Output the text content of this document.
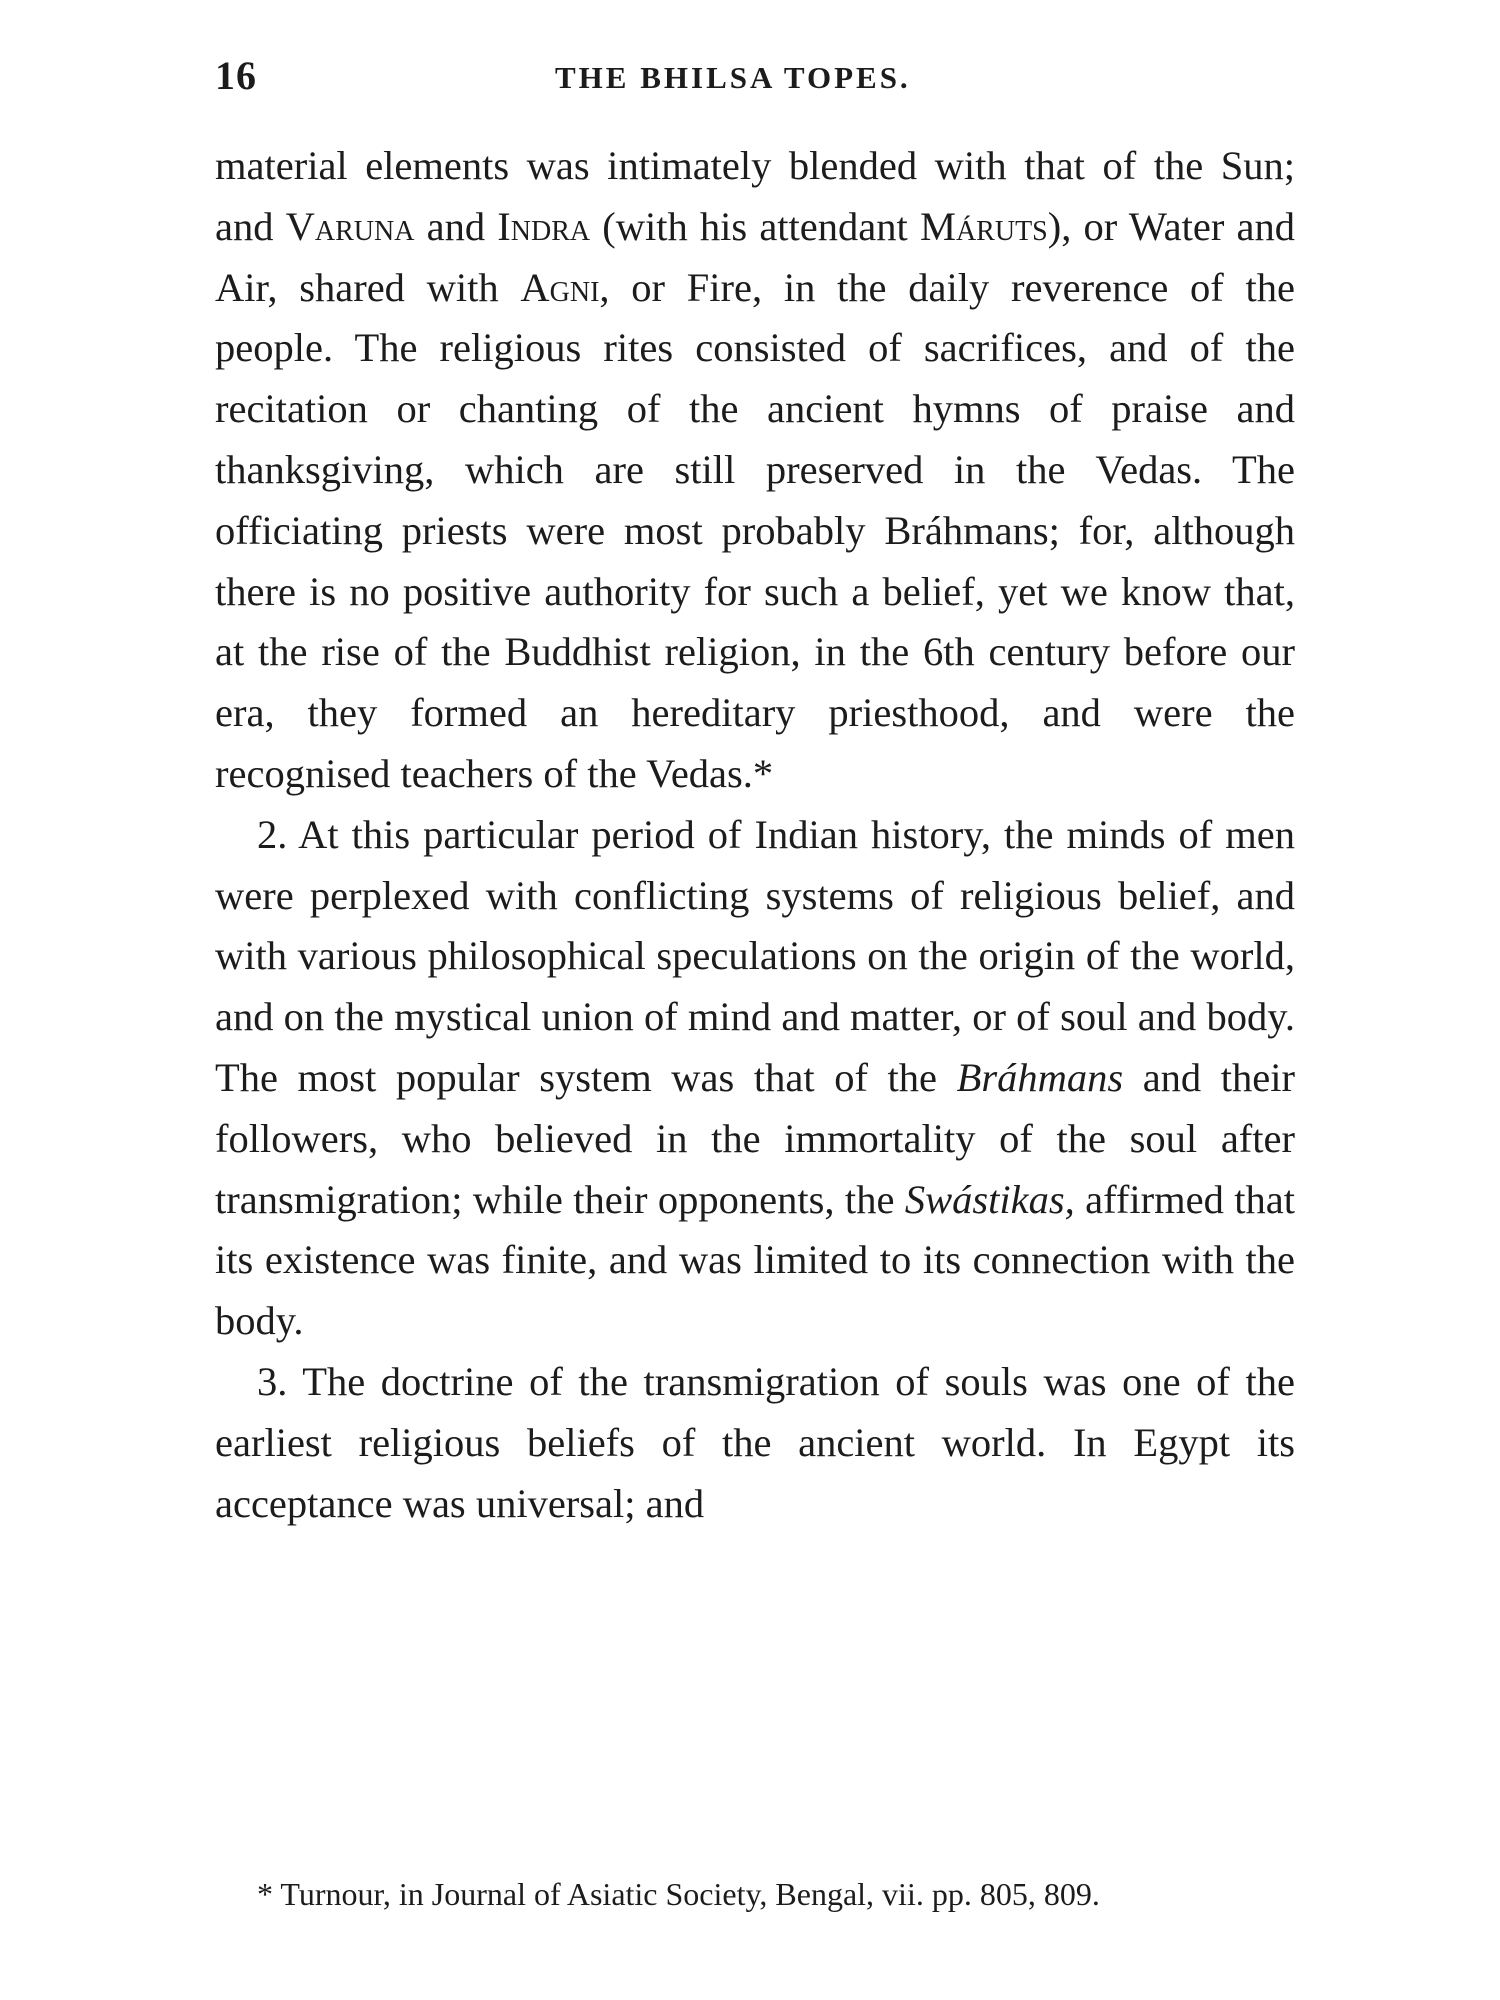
16	THE BHILSA TOPES.

material elements was intimately blended with that of the Sun; and Varuna and Indra (with his attendant Máruts), or Water and Air, shared with Agni, or Fire, in the daily reverence of the people. The religious rites consisted of sacrifices, and of the recitation or chanting of the ancient hymns of praise and thanksgiving, which are still preserved in the Vedas. The officiating priests were most probably Bráhmans; for, although there is no positive authority for such a belief, yet we know that, at the rise of the Buddhist religion, in the 6th century before our era, they formed an hereditary priesthood, and were the recognised teachers of the Vedas.*

2. At this particular period of Indian history, the minds of men were perplexed with conflicting systems of religious belief, and with various philosophical speculations on the origin of the world, and on the mystical union of mind and matter, or of soul and body. The most popular system was that of the Bráhmans and their followers, who believed in the immortality of the soul after transmigration; while their opponents, the Swástikas, affirmed that its existence was finite, and was limited to its connection with the body.

3. The doctrine of the transmigration of souls was one of the earliest religious beliefs of the ancient world. In Egypt its acceptance was universal; and

* Turnour, in Journal of Asiatic Society, Bengal, vii. pp. 805, 809.
